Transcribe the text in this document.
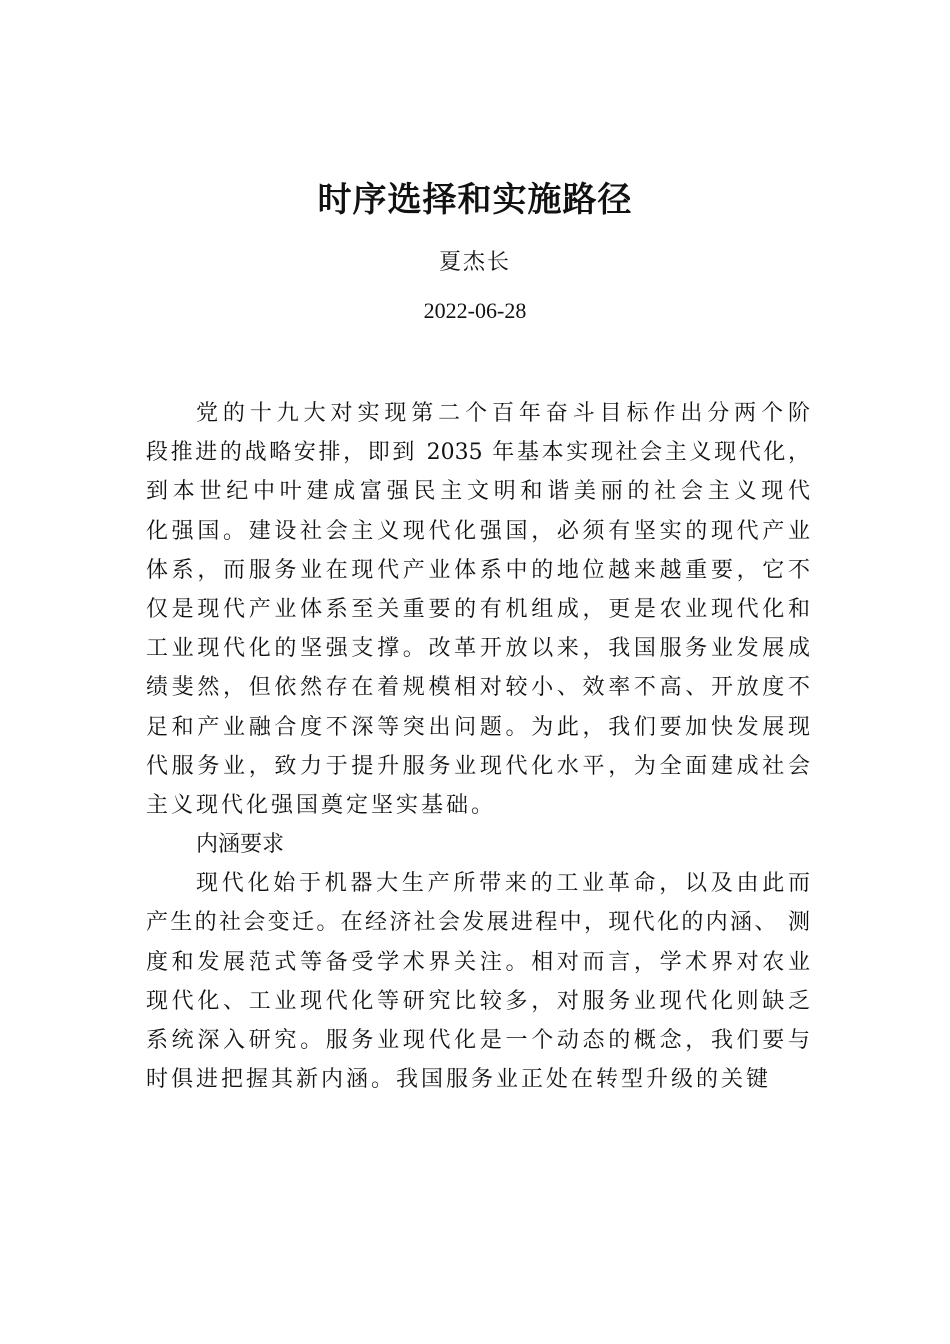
时序选择和实施路径
夏杰长
2022-06-28
党的十九大对实现第二个百年奋斗目标作出分两个阶
段推进的战略安排，即到 2035 年基本实现社会主义现代化，
到本世纪中叶建成富强民主文明和谐美丽的社会主义现代
化强国。建设社会主义现代化强国，必须有坚实的现代产业
体系，而服务业在现代产业体系中的地位越来越重要，它不
仅是现代产业体系至关重要的有机组成，更是农业现代化和
工业现代化的坚强支撑。改革开放以来，我国服务业发展成
绩斐然，但依然存在着规模相对较小、效率不高、开放度不
足和产业融合度不深等突出问题。为此，我们要加快发展现
代服务业，致力于提升服务业现代化水平，为全面建成社会
主义现代化强国奠定坚实基础。
内涵要求
现代化始于机器大生产所带来的工业革命，以及由此而
产生的社会变迁。在经济社会发展进程中，现代化的内涵、 测
度和发展范式等备受学术界关注。相对而言，学术界对农业
现代化、工业现代化等研究比较多，对服务业现代化则缺乏
系统深入研究。服务业现代化是一个动态的概念，我们要与
时俱进把握其新内涵。我国服务业正处在转型升级的关键
